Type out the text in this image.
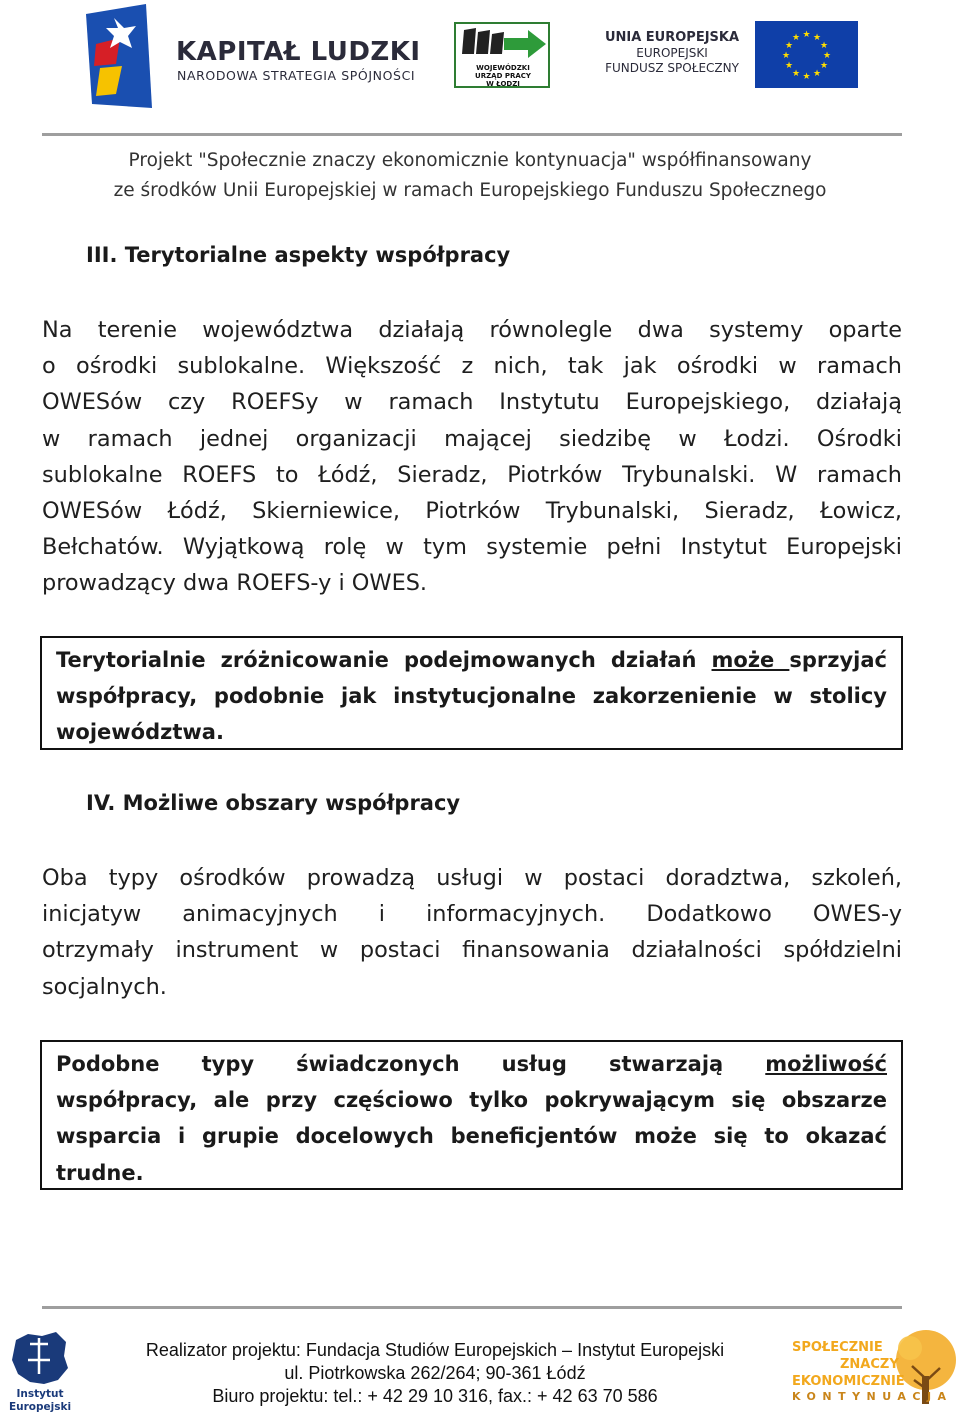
KAPITAŁ LUDZKI
NARODOWA STRATEGIA SPÓJNOŚCI	WOJEWÓDZKI
URZĄD PRACY
W ŁODZI
UNIA EUROPEJSKA
EUROPEJSKI
FUNDUSZ SPOŁECZNY
★ ★
★
★
★
★
★
★
★
★
★
★
Projekt "Społecznie znaczy ekonomicznie kontynuacja" współfinansowany
ze środków Unii Europejskiej w ramach Europejskiego Funduszu Społecznego
III. Terytorialne aspekty współpracy
Na terenie województwa działają równolegle dwa systemy oparte
o ośrodki sublokalne. Większość z nich, tak jak ośrodki w ramach
OWESów czy ROEFSy w ramach Instytutu Europejskiego, działają
w ramach jednej organizacji mającej siedzibę w Łodzi. Ośrodki
sublokalne ROEFS to Łódź, Sieradz, Piotrków Trybunalski. W ramach
OWESów Łódź, Skierniewice, Piotrków Trybunalski, Sieradz, Łowicz,
Bełchatów. Wyjątkową rolę w tym systemie pełni Instytut Europejski
prowadzący dwa ROEFS-y i OWES.
Terytorialnie zróżnicowanie podejmowanych działań może sprzyjać
współpracy, podobnie jak instytucjonalne zakorzenienie w stolicy
województwa.
IV. Możliwe obszary współpracy
Oba typy ośrodków prowadzą usługi w postaci doradztwa, szkoleń,
inicjatyw animacyjnych i informacyjnych. Dodatkowo OWES-y
otrzymały instrument w postaci finansowania działalności spółdzielni
socjalnych.
Podobne typy świadczonych usług stwarzają możliwość
współpracy, ale przy częściowo tylko pokrywającym się obszarze
wsparcia i grupie docelowych beneficjentów może się to okazać
trudne.
Instytut
Europejski
Realizator projektu: Fundacja Studiów Europejskich – Instytut Europejski
ul. Piotrkowska 262/264; 90-361 Łódź
Biuro projektu: tel.: + 42 29 10 316, fax.: + 42 63 70 586
SPOŁECZNIE
ZNACZY
EKONOMICZNIE
KONTYNUACJA
